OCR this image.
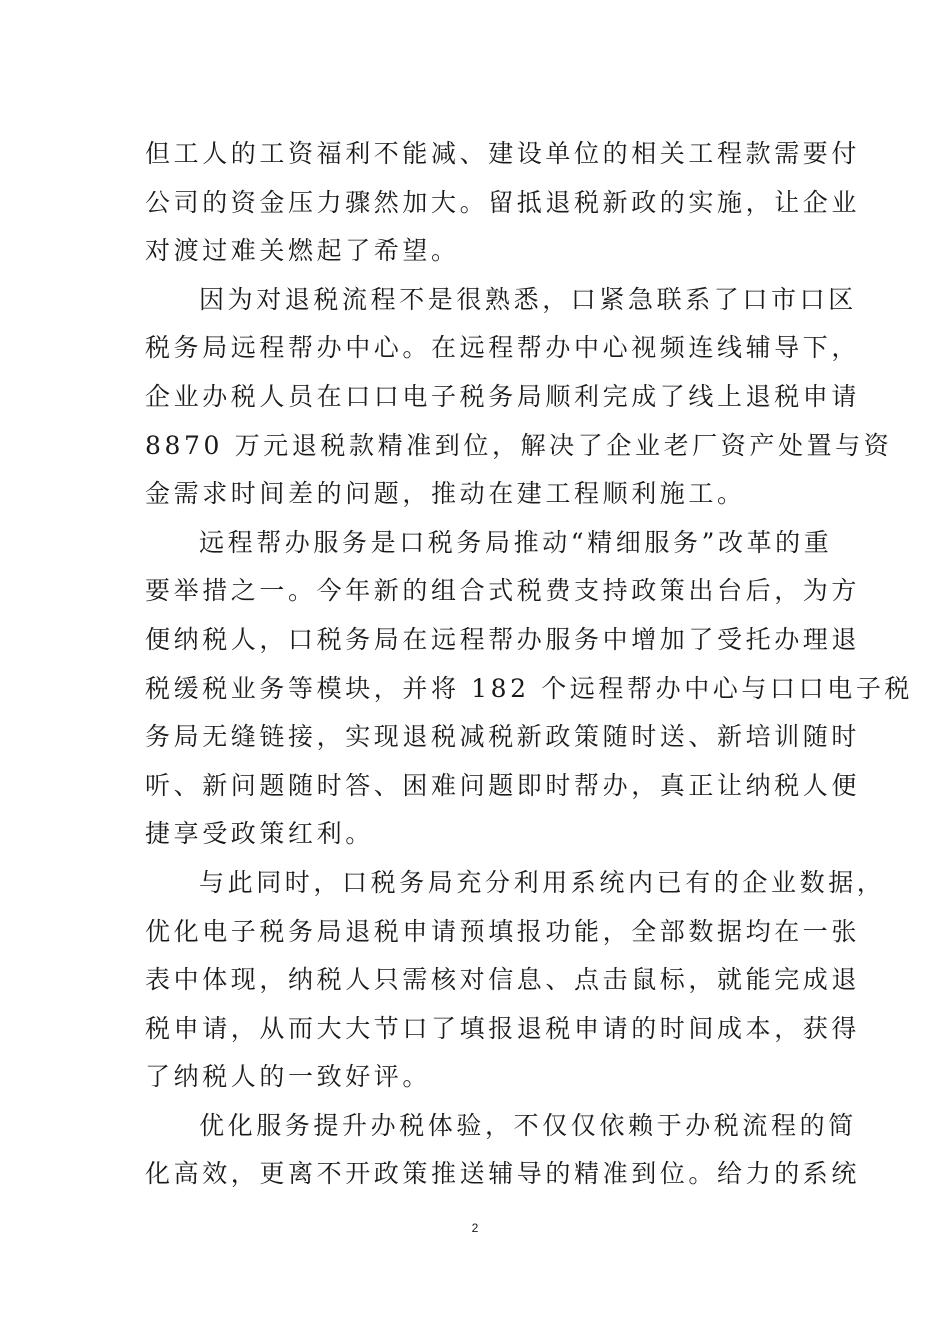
但工人的工资福利不能减、建设单位的相关工程款需要付
公司的资金压力骤然加大。留抵退税新政的实施，让企业
对渡过难关燃起了希望。
因为对退税流程不是很熟悉，口紧急联系了口市口区
税务局远程帮办中心。在远程帮办中心视频连线辅导下，
企业办税人员在口口电子税务局顺利完成了线上退税申请
8870 万元退税款精准到位，解决了企业老厂资产处置与资
金需求时间差的问题，推动在建工程顺利施工。
远程帮办服务是口税务局推动“精细服务”改革的重
要举措之一。今年新的组合式税费支持政策出台后，为方
便纳税人，口税务局在远程帮办服务中增加了受托办理退
税缓税业务等模块，并将 182 个远程帮办中心与口口电子税
务局无缝链接，实现退税减税新政策随时送、新培训随时
听、新问题随时答、困难问题即时帮办，真正让纳税人便
捷享受政策红利。
与此同时，口税务局充分利用系统内已有的企业数据，
优化电子税务局退税申请预填报功能，全部数据均在一张
表中体现，纳税人只需核对信息、点击鼠标，就能完成退
税申请，从而大大节口了填报退税申请的时间成本，获得
了纳税人的一致好评。
优化服务提升办税体验，不仅仅依赖于办税流程的简
化高效，更离不开政策推送辅导的精准到位。给力的系统
2
